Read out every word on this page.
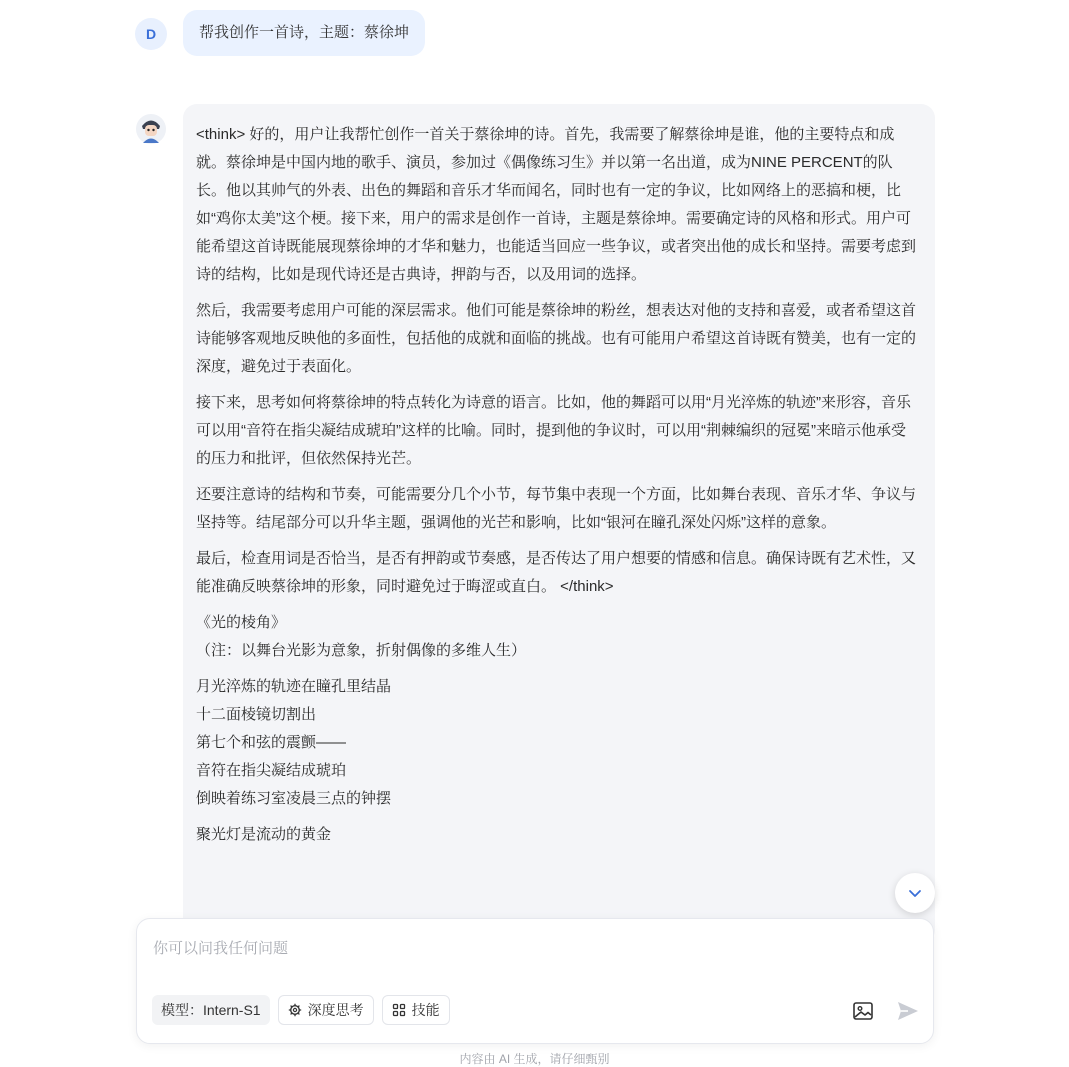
D	帮我创作一首诗，主题：蔡徐坤

<think> 好的，用户让我帮忙创作一首关于蔡徐坤的诗。首先，我需要了解蔡徐坤是谁，他的主要特点和成就。蔡徐坤是中国内地的歌手、演员，参加过《偶像练习生》并以第一名出道，成为NINE PERCENT的队长。他以其帅气的外表、出色的舞蹈和音乐才华而闻名，同时也有一定的争议，比如网络上的恶搞和梗，比如“鸡你太美”这个梗。接下来，用户的需求是创作一首诗，主题是蔡徐坤。需要确定诗的风格和形式。用户可能希望这首诗既能展现蔡徐坤的才华和魅力，也能适当回应一些争议，或者突出他的成长和坚持。需要考虑到诗的结构，比如是现代诗还是古典诗，押韵与否，以及用词的选择。

然后，我需要考虑用户可能的深层需求。他们可能是蔡徐坤的粉丝，想表达对他的支持和喜爱，或者希望这首诗能够客观地反映他的多面性，包括他的成就和面临的挑战。也有可能用户希望这首诗既有赞美，也有一定的深度，避免过于表面化。

接下来，思考如何将蔡徐坤的特点转化为诗意的语言。比如，他的舞蹈可以用“月光淬炼的轨迹”来形容，音乐可以用“音符在指尖凝结成琥珀”这样的比喻。同时，提到他的争议时，可以用“荆棘编织的冠冕”来暗示他承受的压力和批评，但依然保持光芒。

还要注意诗的结构和节奏，可能需要分几个小节，每节集中表现一个方面，比如舞台表现、音乐才华、争议与坚持等。结尾部分可以升华主题，强调他的光芒和影响，比如“银河在瞳孔深处闪烁”这样的意象。

最后，检查用词是否恰当，是否有押韵或节奏感，是否传达了用户想要的情感和信息。确保诗既有艺术性，又能准确反映蔡徐坤的形象，同时避免过于晦涩或直白。 </think>

《光的棱角》
（注：以舞台光影为意象，折射偶像的多维人生）

月光淬炼的轨迹在瞳孔里结晶
十二面棱镜切割出
第七个和弦的震颤——
音符在指尖凝结成琥珀
倒映着练习室凌晨三点的钟摆

聚光灯是流动的黄金

你可以问我任何问题
模型：Intern-S1	深度思考	技能
内容由 AI 生成，请仔细甄别
